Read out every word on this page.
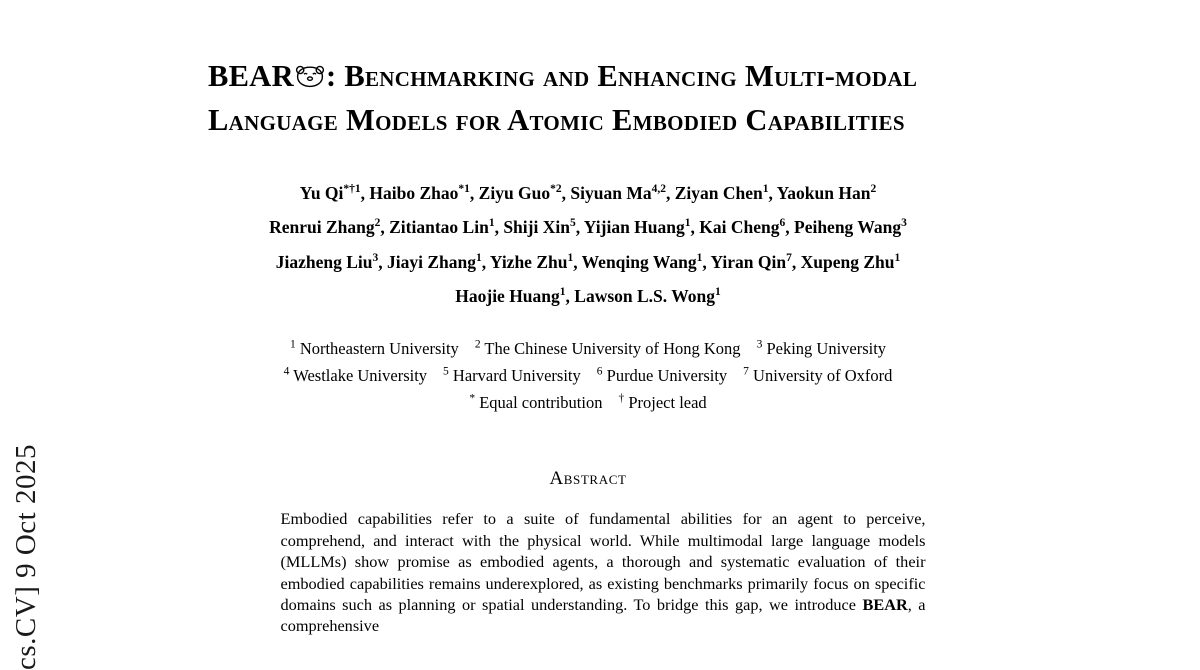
cs.CV] 9 Oct 2025
BEAR : Benchmarking and Enhancing Multi-modal Language Models for Atomic Embodied Capabilities
Yu Qi$^{*\dagger 1}$, Haibo Zhao$^{*1}$, Ziyu Guo$^{*2}$, Siyuan Ma$^{4,2}$, Ziyan Chen$^1$, Yaokun Han$^2$
Renrui Zhang$^2$, Zitiantao Lin$^1$, Shiji Xin$^5$, Yijian Huang$^1$, Kai Cheng$^6$, Peiheng Wang$^3$
Jiazheng Liu$^3$, Jiayi Zhang$^1$, Yizhe Zhu$^1$, Wenqing Wang$^1$, Yiran Qin$^7$, Xupeng Zhu$^1$
Haojie Huang$^1$, Lawson L.S. Wong$^1$
$^1$ Northeastern University $^2$ The Chinese University of Hong Kong $^3$ Peking University
$^4$ Westlake University $^5$ Harvard University $^6$ Purdue University $^7$ University of Oxford
* Equal contribution † Project lead
Abstract
Embodied capabilities refer to a suite of fundamental abilities for an agent to perceive, comprehend, and interact with the physical world. While multimodal large language models (MLLMs) show promise as embodied agents, a thorough and systematic evaluation of their embodied capabilities remains underexplored, as existing benchmarks primarily focus on specific domains such as planning or spatial understanding. To bridge this gap, we introduce BEAR, a comprehensive
